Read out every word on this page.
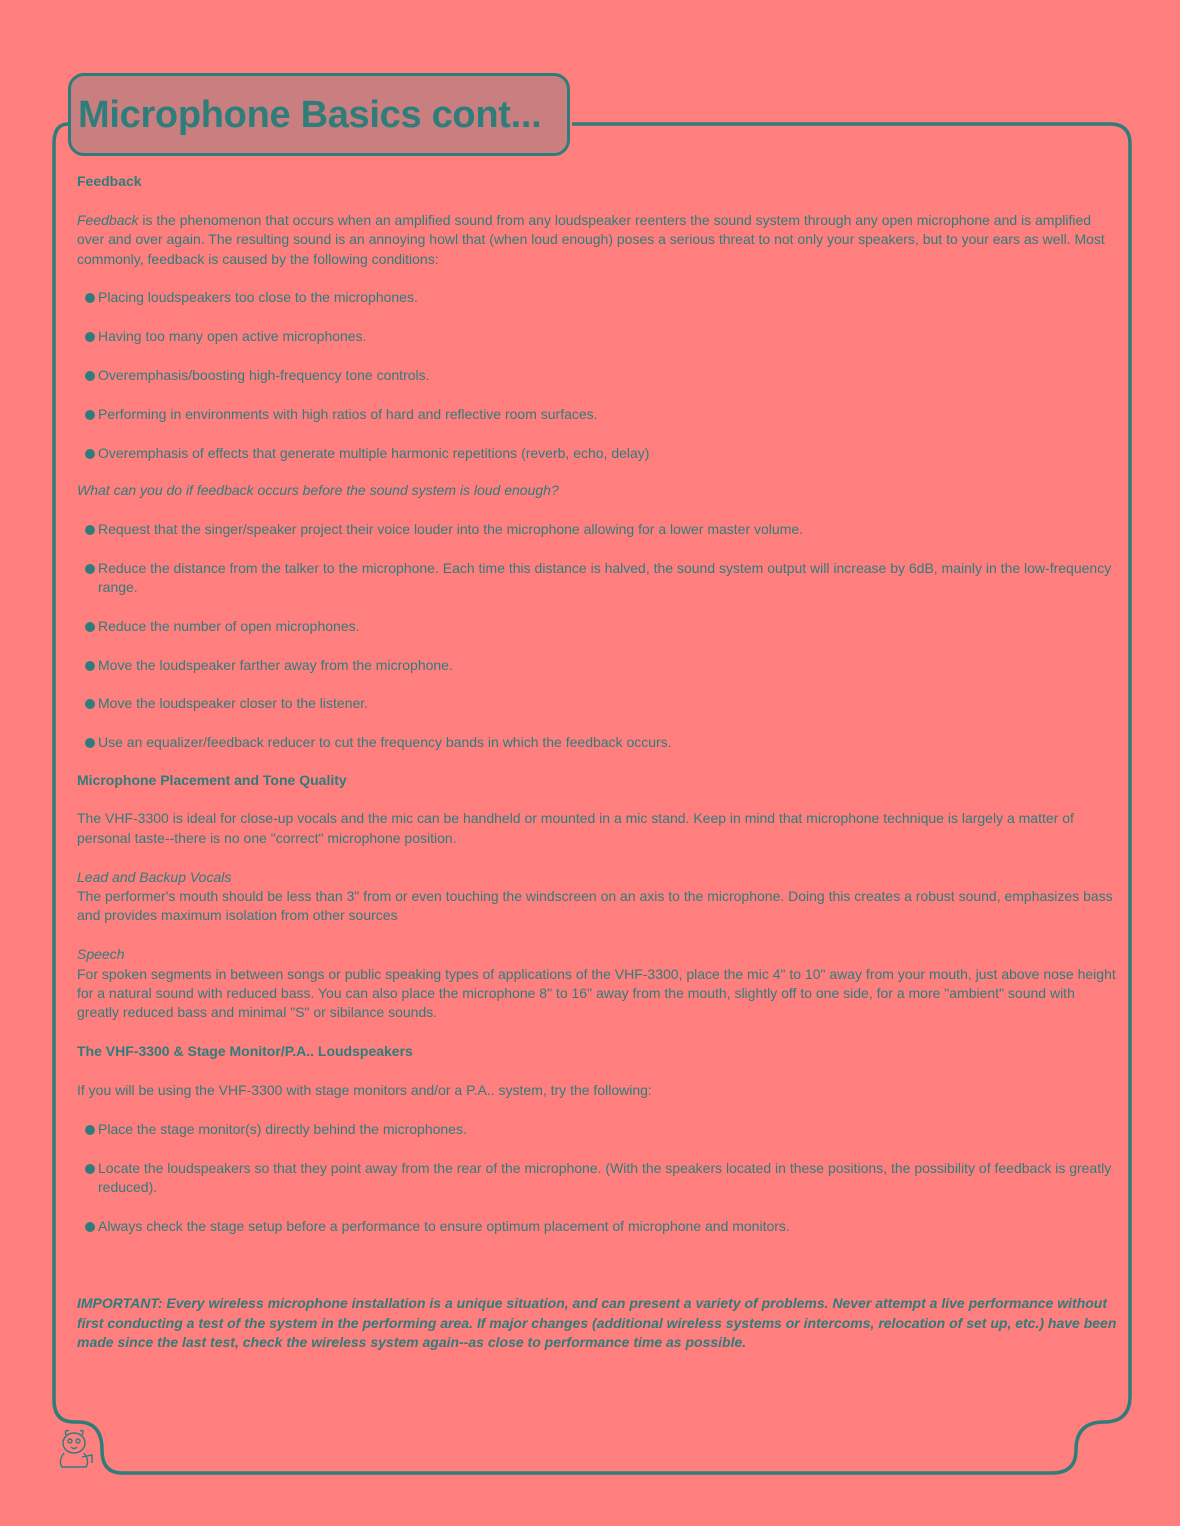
Microphone Basics cont...

Feedback

Feedback is the phenomenon that occurs when an amplified sound from any loudspeaker reenters the sound system through any open microphone and is amplified over and over again. The resulting sound is an annoying howl that (when loud enough) poses a serious threat to not only your speakers, but to your ears as well. Most commonly, feedback is caused by the following conditions:

Placing loudspeakers too close to the microphones.
Having too many open active microphones.
Overemphasis/boosting high-frequency tone controls.
Performing in environments with high ratios of hard and reflective room surfaces.
Overemphasis of effects that generate multiple harmonic repetitions (reverb, echo, delay)

What can you do if feedback occurs before the sound system is loud enough?

Request that the singer/speaker project their voice louder into the microphone allowing for a lower master volume.
Reduce the distance from the talker to the microphone. Each time this distance is halved, the sound system output will increase by 6dB, mainly in the low-frequency range.
Reduce the number of open microphones.
Move the loudspeaker farther away from the microphone.
Move the loudspeaker closer to the listener.
Use an equalizer/feedback reducer to cut the frequency bands in which the feedback occurs.

Microphone Placement and Tone Quality

The VHF-3300 is ideal for close-up vocals and the mic can be handheld or mounted in a mic stand. Keep in mind that microphone technique is largely a matter of personal taste--there is no one "correct" microphone position.

Lead and Backup Vocals

The performer's mouth should be less than 3" from or even touching the windscreen on an axis to the microphone. Doing this creates a robust sound, emphasizes bass and provides maximum isolation from other sources

Speech

For spoken segments in between songs or public speaking types of applications of the VHF-3300, place the mic 4" to 10" away from your mouth, just above nose height for a natural sound with reduced bass. You can also place the microphone 8" to 16" away from the mouth, slightly off to one side, for a more "ambient" sound with greatly reduced bass and minimal "S" or sibilance sounds.

The VHF-3300 & Stage Monitor/P.A.. Loudspeakers

If you will be using the VHF-3300 with stage monitors and/or a P.A.. system, try the following:

Place the stage monitor(s) directly behind the microphones.
Locate the loudspeakers so that they point away from the rear of the microphone. (With the speakers located in these positions, the possibility of feedback is greatly reduced).
Always check the stage setup before a performance to ensure optimum placement of microphone and monitors.

IMPORTANT: Every wireless microphone installation is a unique situation, and can present a variety of problems. Never attempt a live performance without first conducting a test of the system in the performing area. If major changes (additional wireless systems or intercoms, relocation of set up, etc.) have been made since the last test, check the wireless system again--as close to performance time as possible.
